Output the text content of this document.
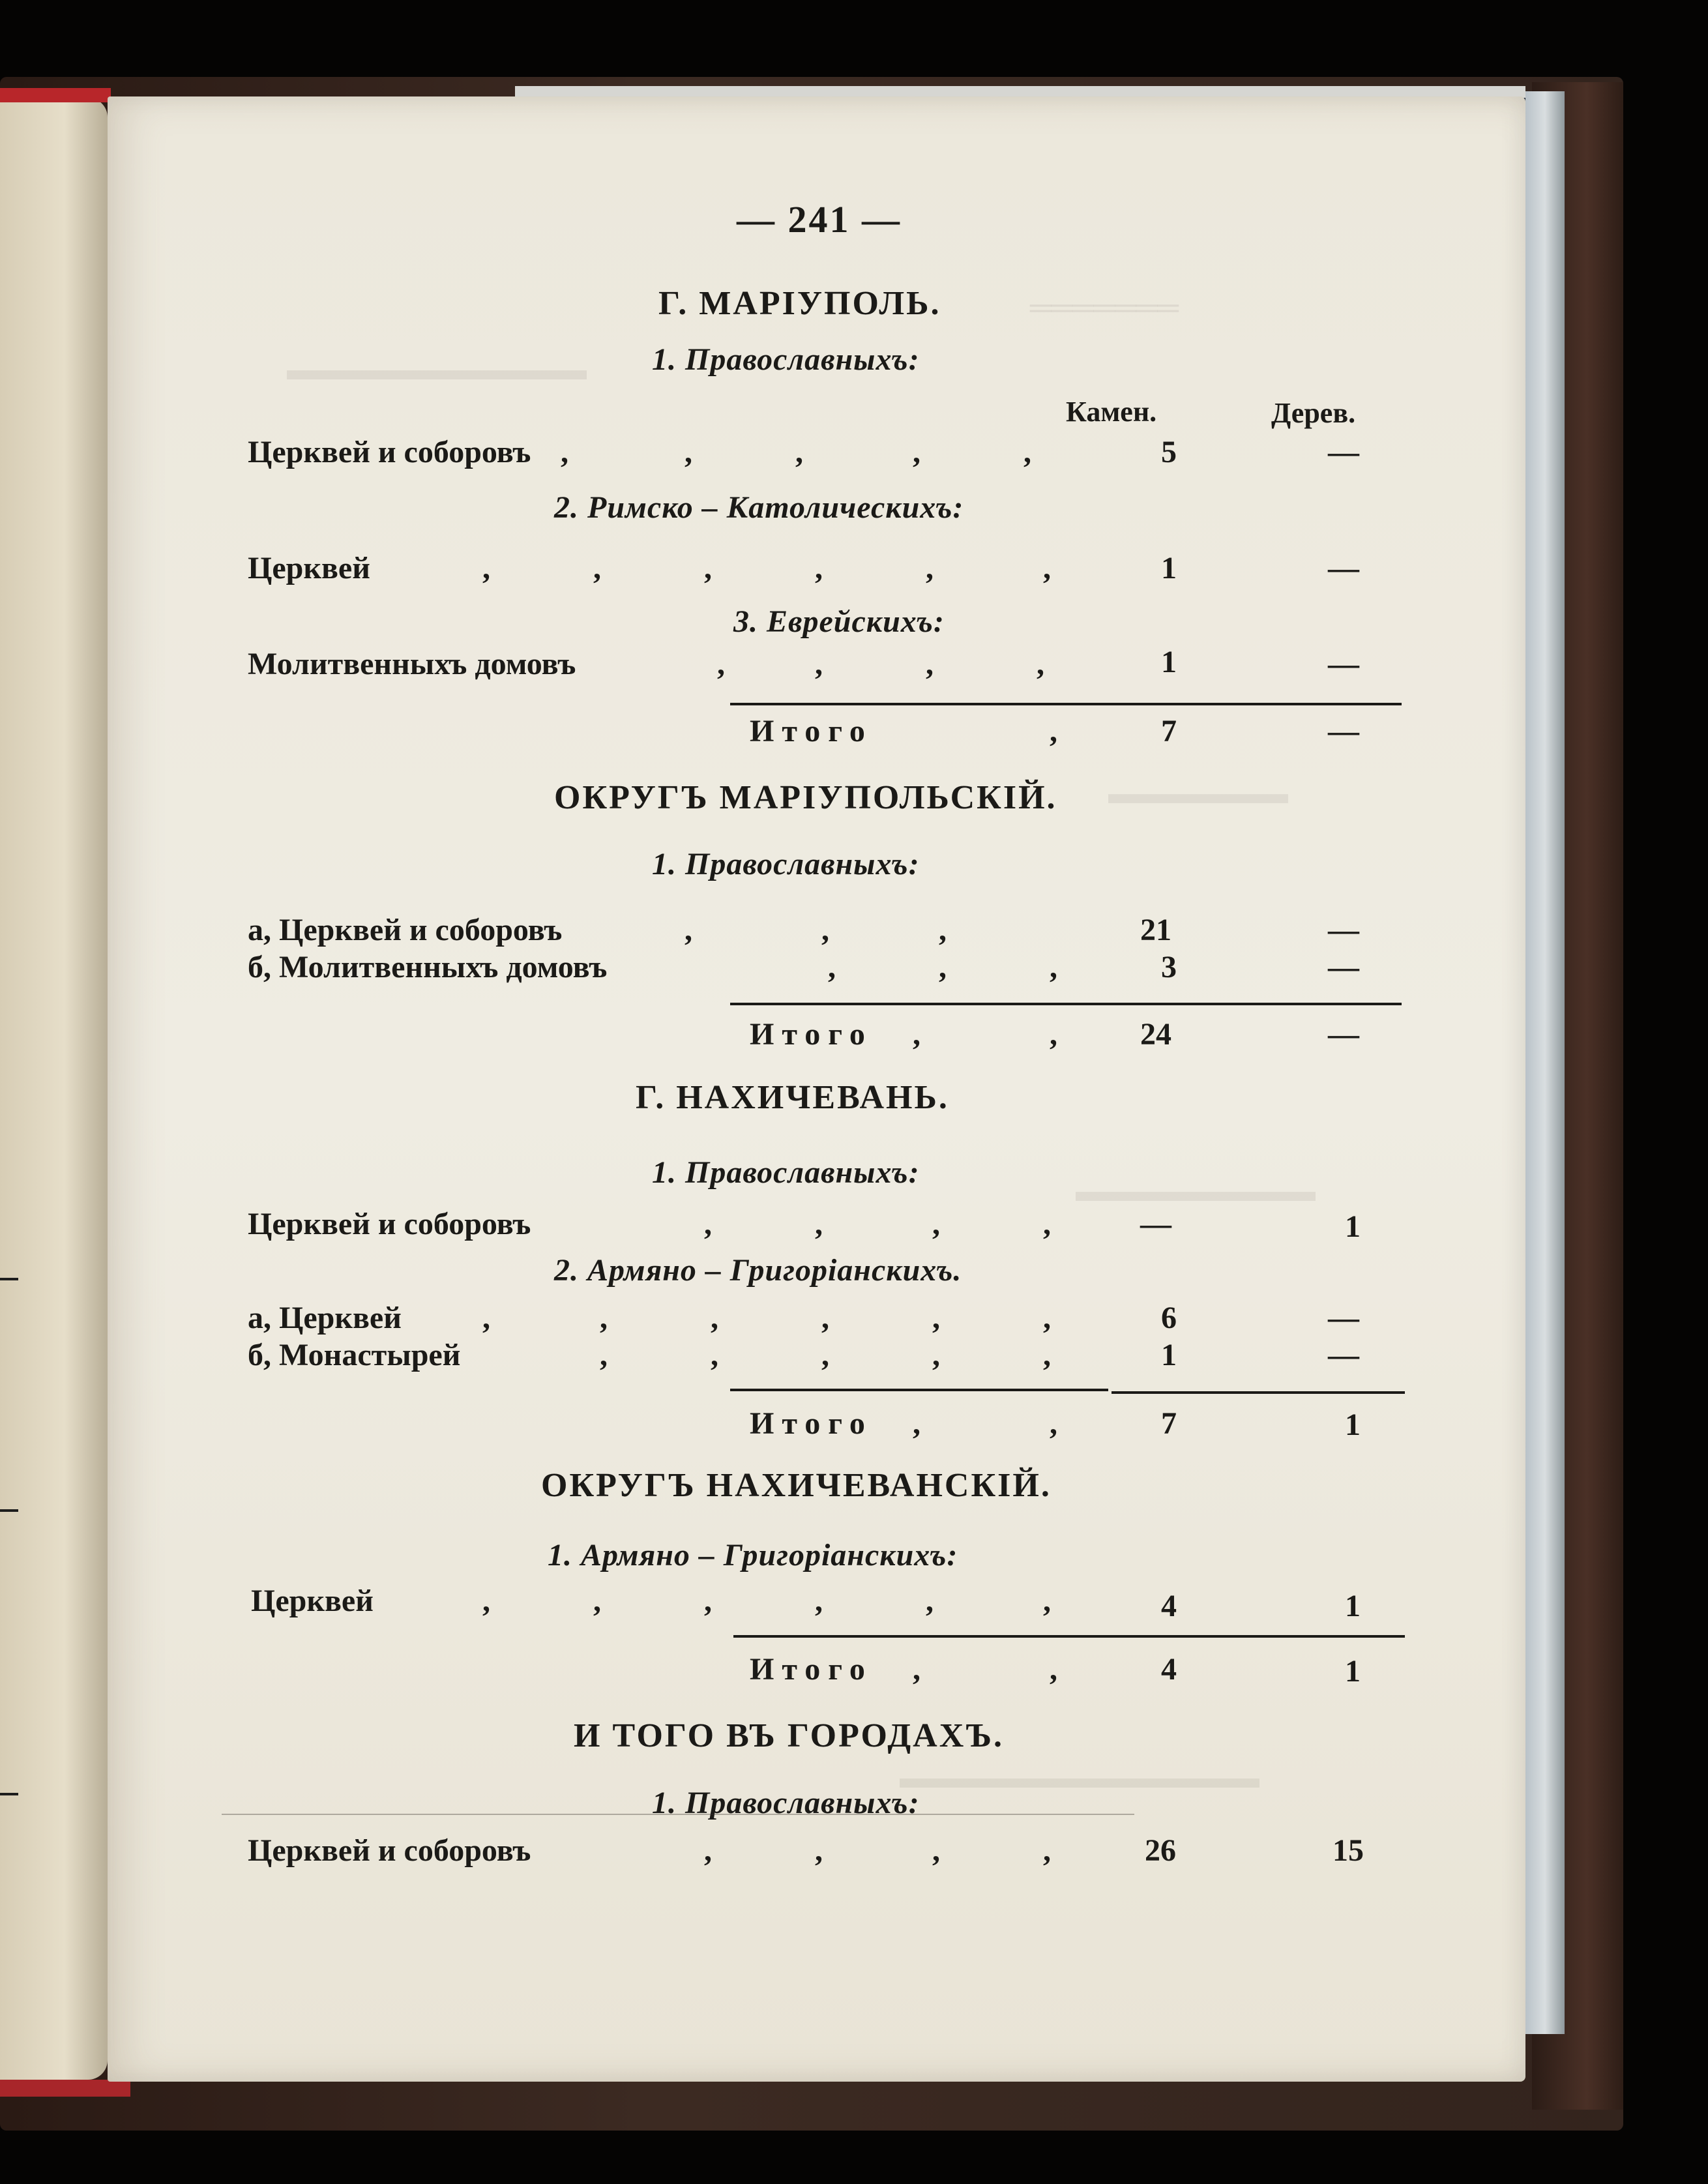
═══════
▬▬▬▬▬▬▬▬▬▬
▬▬▬▬▬▬
▬▬▬▬▬▬▬▬
▬▬▬▬▬▬▬▬▬▬▬▬
— 241 —
Г. МАРІУПОЛЬ.
1. Православныхъ:
Камен.	Дерев.
Церквей и соборовъ	5	—
2. Римско – Католическихъ:
Церквей	1	—
3. Еврейскихъ:
Молитвенныхъ домовъ	1	—
Итого	7	—
ОКРУГЪ МАРІУПОЛЬСКІЙ.
1. Православныхъ:
а, Церквей и соборовъ	21	—
б, Молитвенныхъ домовъ	3	—
Итого	24	—
Г. НАХИЧЕВАНЬ.
1. Православныхъ:
Церквей и соборовъ	—	1
2. Армяно – Григоріанскихъ.
а, Церквей	6	—
б, Монастырей	1	—
Итого	7	1
ОКРУГЪ НАХИЧЕВАНСКІЙ.
1. Армяно – Григоріанскихъ:
Церквей	4	1
Итого	4	1
И ТОГО ВЪ ГОРОДАХЪ.
1. Православныхъ:
Церквей и соборовъ	26	15
,	,	,	,	,
,	,	,	,	,	,
,	,	,	,
,	,	,
,	,	,
,
,	,
,	,	,	,
,	,	,	,	,	,
,	,	,	,	,
,	,
,	,	,	,	,	,
,	,
,	,	,	,
